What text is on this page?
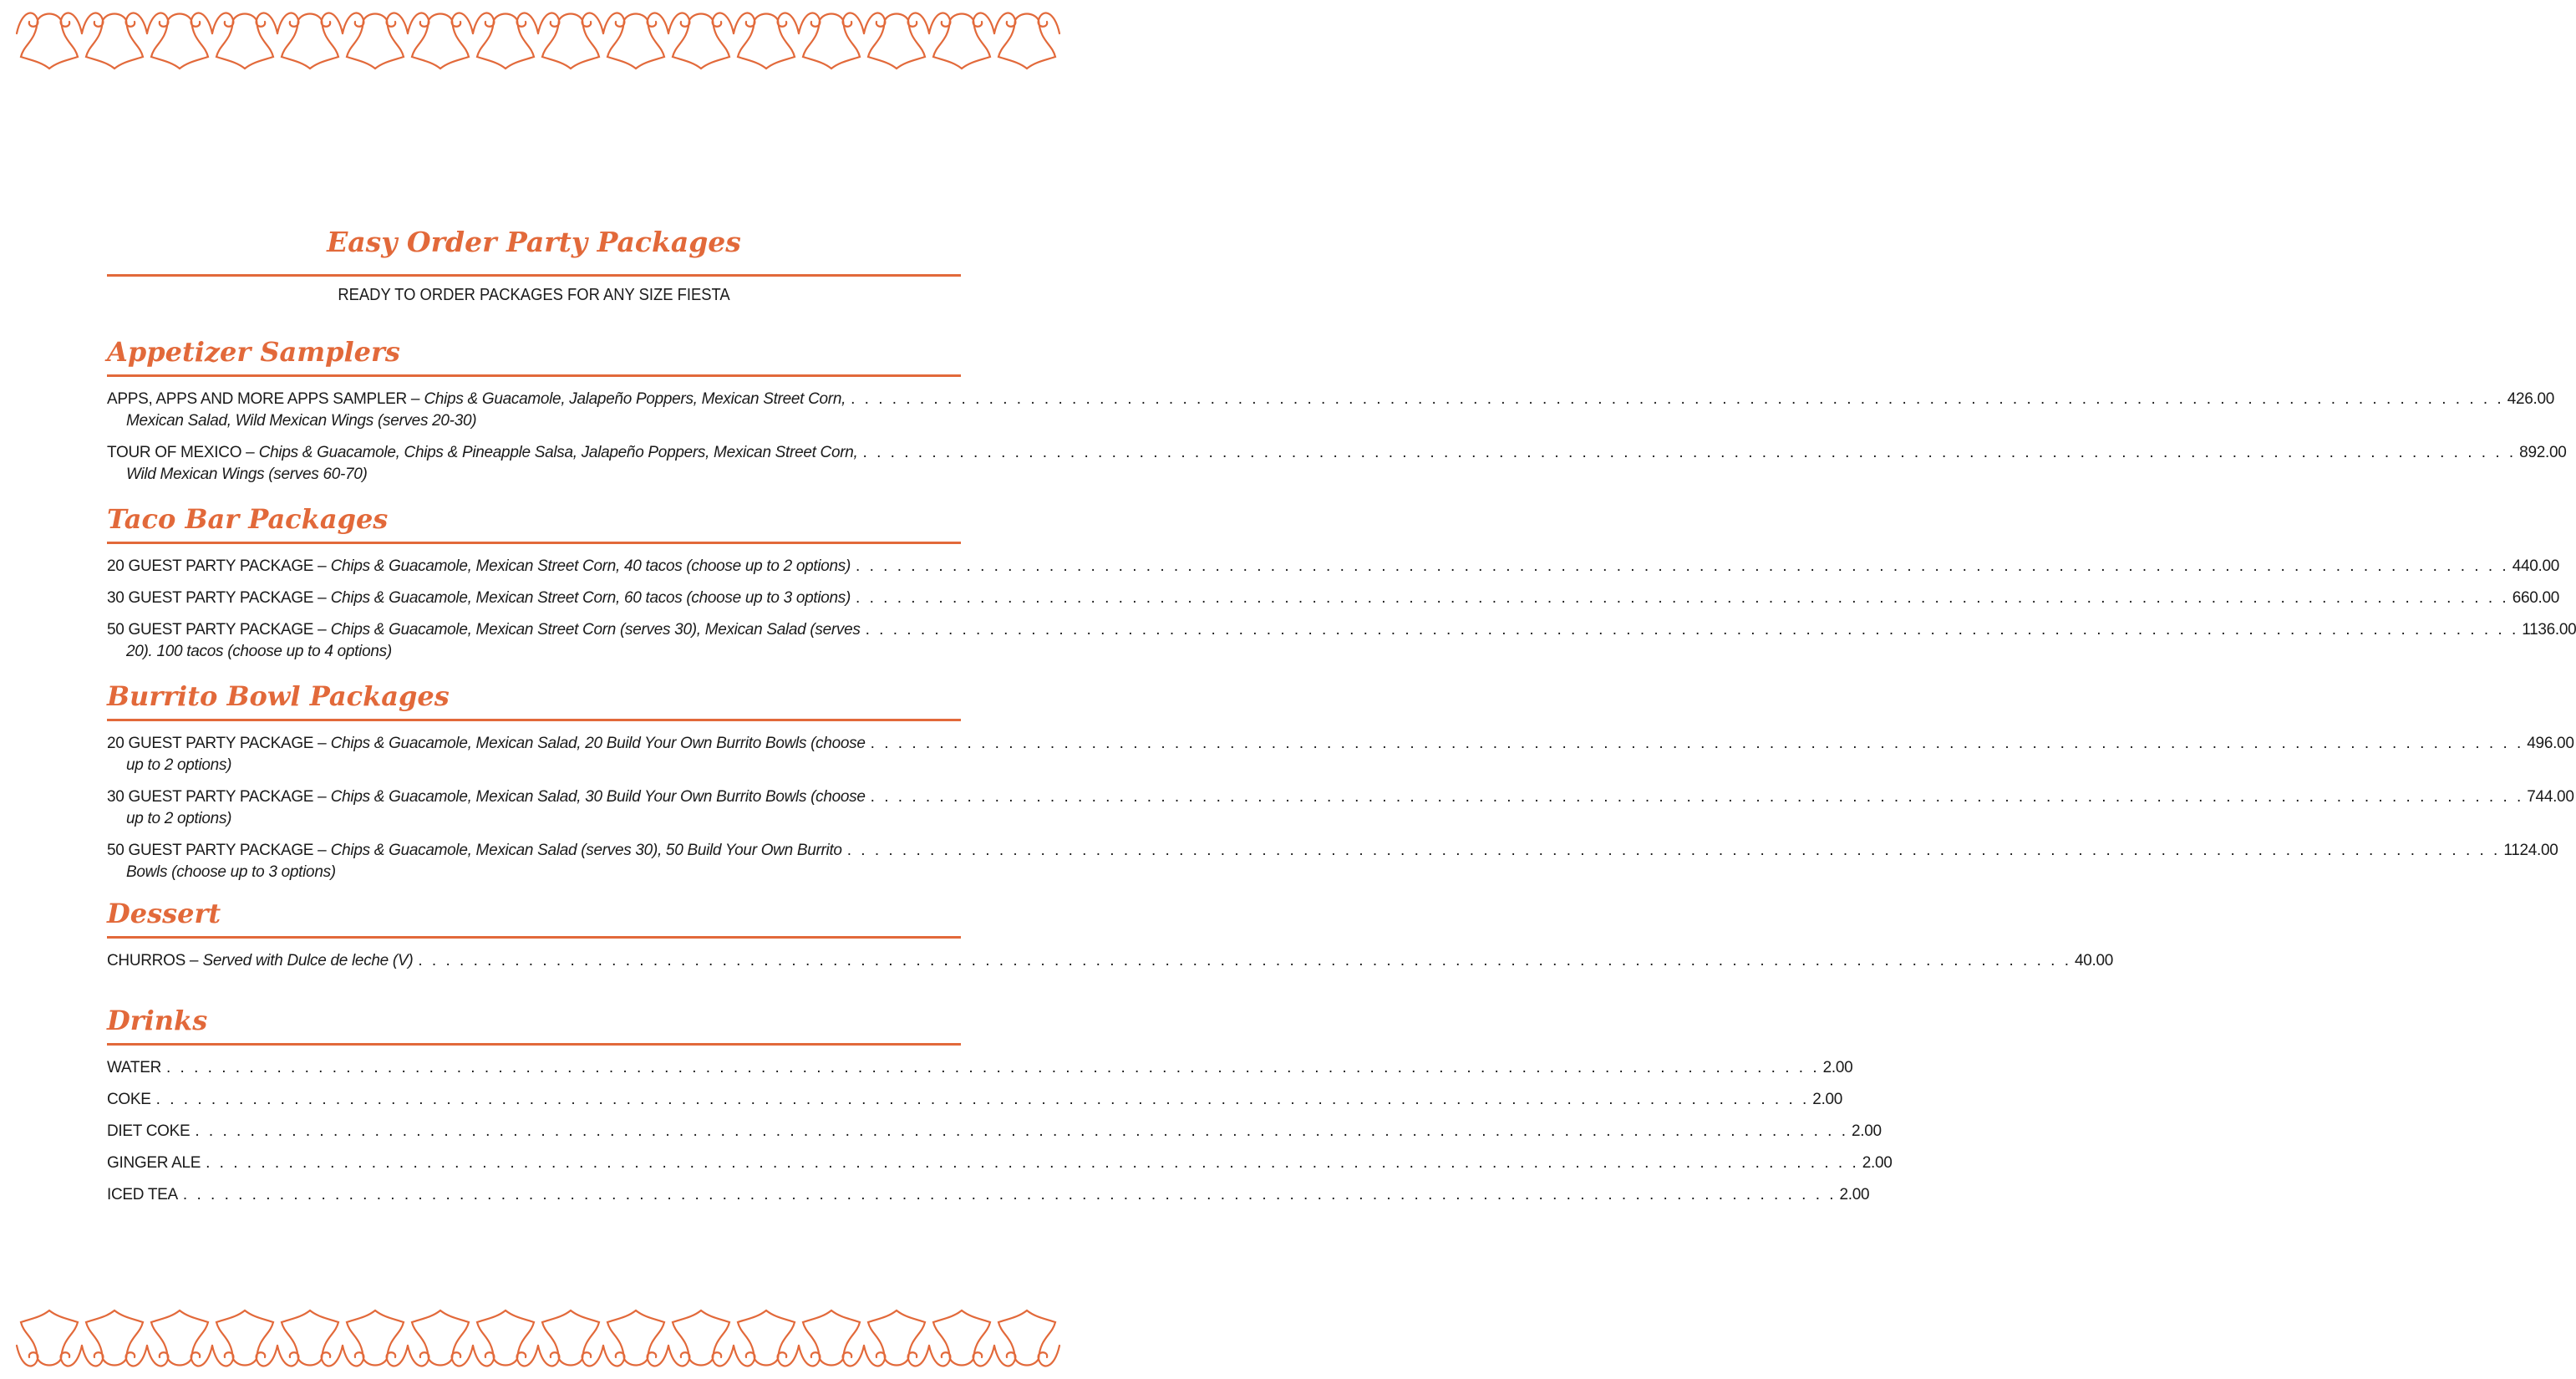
Easy Order Party Packages
READY TO ORDER PACKAGES FOR ANY SIZE FIESTA
Appetizer Samplers
APPS, APPS AND MORE APPS SAMPLER –
Chips & Guacamole, Jalapeño Poppers, Mexican Street Corn, . . . . . . . . . . . . . . . . . . . . . . . . . . . . . . . . . . . . . . . . . . . . . . . . . . . . . . . . . . . . . . . . . . . . . . . . . . . . . . . . . . . . . . . . . . . . . . . . . . . . . . . . . . . . . . . . . . . . . . . . 426.00
Mexican Salad, Wild Mexican Wings (serves 20-30)
TOUR OF MEXICO –
Chips & Guacamole, Chips & Pineapple Salsa, Jalapeño Poppers, Mexican Street Corn, . . . . . . . . . . . . . . . . . . . . . . . . . . . . . . . . . . . . . . . . . . . . . . . . . . . . . . . . . . . . . . . . . . . . . . . . . . . . . . . . . . . . . . . . . . . . . . . . . . . . . . . . . . . . . . . . . . . . . . . . 892.00
Wild Mexican Wings (serves 60-70)
Taco Bar Packages
20 GUEST PARTY PACKAGE –
Chips & Guacamole, Mexican Street Corn, 40 tacos (choose up to 2 options) . . . . . . . . . . . . . . . . . . . . . . . . . . . . . . . . . . . . . . . . . . . . . . . . . . . . . . . . . . . . . . . . . . . . . . . . . . . . . . . . . . . . . . . . . . . . . . . . . . . . . . . . . . . . . . . . . . . . . . . . 440.00
30 GUEST PARTY PACKAGE –
Chips & Guacamole, Mexican Street Corn, 60 tacos (choose up to 3 options) . . . . . . . . . . . . . . . . . . . . . . . . . . . . . . . . . . . . . . . . . . . . . . . . . . . . . . . . . . . . . . . . . . . . . . . . . . . . . . . . . . . . . . . . . . . . . . . . . . . . . . . . . . . . . . . . . . . . . . . . 660.00
50 GUEST PARTY PACKAGE –
Chips & Guacamole, Mexican Street Corn (serves 30), Mexican Salad (serves . . . . . . . . . . . . . . . . . . . . . . . . . . . . . . . . . . . . . . . . . . . . . . . . . . . . . . . . . . . . . . . . . . . . . . . . . . . . . . . . . . . . . . . . . . . . . . . . . . . . . . . . . . . . . . . . . . . . . . . . 1136.00
20). 100 tacos (choose up to 4 options)
Burrito Bowl Packages
20 GUEST PARTY PACKAGE –
Chips & Guacamole, Mexican Salad, 20 Build Your Own Burrito Bowls (choose . . . . . . . . . . . . . . . . . . . . . . . . . . . . . . . . . . . . . . . . . . . . . . . . . . . . . . . . . . . . . . . . . . . . . . . . . . . . . . . . . . . . . . . . . . . . . . . . . . . . . . . . . . . . . . . . . . . . . . . . 496.00
up to 2 options)
30 GUEST PARTY PACKAGE –
Chips & Guacamole, Mexican Salad, 30 Build Your Own Burrito Bowls (choose . . . . . . . . . . . . . . . . . . . . . . . . . . . . . . . . . . . . . . . . . . . . . . . . . . . . . . . . . . . . . . . . . . . . . . . . . . . . . . . . . . . . . . . . . . . . . . . . . . . . . . . . . . . . . . . . . . . . . . . . 744.00
up to 2 options)
50 GUEST PARTY PACKAGE –
Chips & Guacamole, Mexican Salad (serves 30), 50 Build Your Own Burrito . . . . . . . . . . . . . . . . . . . . . . . . . . . . . . . . . . . . . . . . . . . . . . . . . . . . . . . . . . . . . . . . . . . . . . . . . . . . . . . . . . . . . . . . . . . . . . . . . . . . . . . . . . . . . . . . . . . . . . . . 1124.00
Bowls (choose up to 3 options)
Dessert
CHURROS –
Served with Dulce de leche (V) . . . . . . . . . . . . . . . . . . . . . . . . . . . . . . . . . . . . . . . . . . . . . . . . . . . . . . . . . . . . . . . . . . . . . . . . . . . . . . . . . . . . . . . . . . . . . . . . . . . . . . . . . . . . . . . . . . . . . . . . 40.00
Drinks
WATER . . . . . . . . . . . . . . . . . . . . . . . . . . . . . . . . . . . . . . . . . . . . . . . . . . . . . . . . . . . . . . . . . . . . . . . . . . . . . . . . . . . . . . . . . . . . . . . . . . . . . . . . . . . . . . . . . . . . . . . . 2.00
COKE . . . . . . . . . . . . . . . . . . . . . . . . . . . . . . . . . . . . . . . . . . . . . . . . . . . . . . . . . . . . . . . . . . . . . . . . . . . . . . . . . . . . . . . . . . . . . . . . . . . . . . . . . . . . . . . . . . . . . . . . 2.00
DIET COKE . . . . . . . . . . . . . . . . . . . . . . . . . . . . . . . . . . . . . . . . . . . . . . . . . . . . . . . . . . . . . . . . . . . . . . . . . . . . . . . . . . . . . . . . . . . . . . . . . . . . . . . . . . . . . . . . . . . . . . . . 2.00
GINGER ALE . . . . . . . . . . . . . . . . . . . . . . . . . . . . . . . . . . . . . . . . . . . . . . . . . . . . . . . . . . . . . . . . . . . . . . . . . . . . . . . . . . . . . . . . . . . . . . . . . . . . . . . . . . . . . . . . . . . . . . . . 2.00
ICED TEA . . . . . . . . . . . . . . . . . . . . . . . . . . . . . . . . . . . . . . . . . . . . . . . . . . . . . . . . . . . . . . . . . . . . . . . . . . . . . . . . . . . . . . . . . . . . . . . . . . . . . . . . . . . . . . . . . . . . . . . . 2.00
